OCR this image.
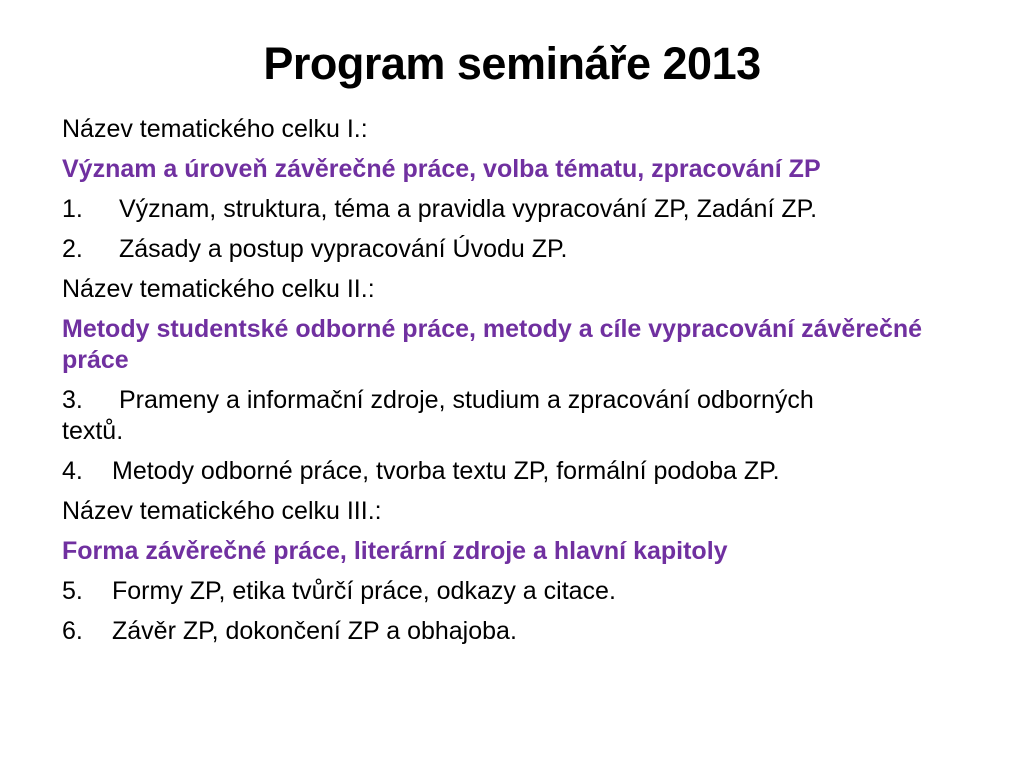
Program semináře 2013
Název tematického celku I.:
Význam a úroveň závěrečné práce, volba tématu, zpracování ZP
1.	Význam, struktura, téma a pravidla vypracování ZP, Zadání ZP.
2.	Zásady a postup vypracování Úvodu ZP.
Název tematického celku II.:
Metody studentské odborné práce, metody a cíle vypracování závěrečné práce
3. Prameny a informační zdroje, studium a zpracování odborných textů.
4. Metody odborné práce, tvorba textu ZP, formální podoba ZP.
Název tematického celku III.:
Forma závěrečné práce, literární zdroje a hlavní kapitoly
5. Formy ZP, etika tvůrčí práce, odkazy a citace.
6. Závěr ZP, dokončení ZP a obhajoba.
